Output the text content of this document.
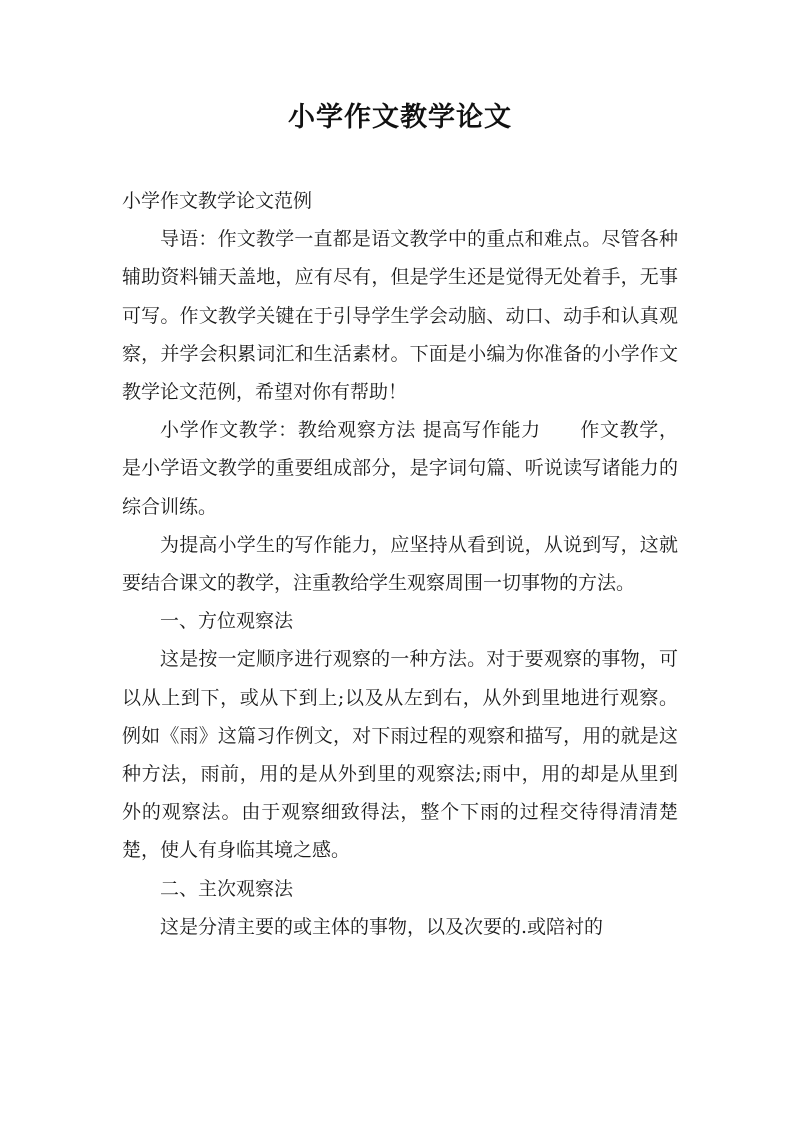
小学作文教学论文

小学作文教学论文范例

导语：作文教学一直都是语文教学中的重点和难点。尽管各种辅助资料铺天盖地，应有尽有，但是学生还是觉得无处着手，无事可写。作文教学关键在于引导学生学会动脑、动口、动手和认真观察，并学会积累词汇和生活素材。下面是小编为你准备的小学作文教学论文范例，希望对你有帮助！

小学作文教学：教给观察方法 提高写作能力　　作文教学，是小学语文教学的重要组成部分，是字词句篇、听说读写诸能力的综合训练。

为提高小学生的写作能力，应坚持从看到说，从说到写，这就要结合课文的教学，注重教给学生观察周围一切事物的方法。

一、方位观察法

这是按一定顺序进行观察的一种方法。对于要观察的事物，可以从上到下，或从下到上;以及从左到右，从外到里地进行观察。例如《雨》这篇习作例文，对下雨过程的观察和描写，用的就是这种方法，雨前，用的是从外到里的观察法;雨中，用的却是从里到外的观察法。由于观察细致得法，整个下雨的过程交待得清清楚楚，使人有身临其境之感。

二、主次观察法

这是分清主要的或主体的事物，以及次要的.或陪衬的
